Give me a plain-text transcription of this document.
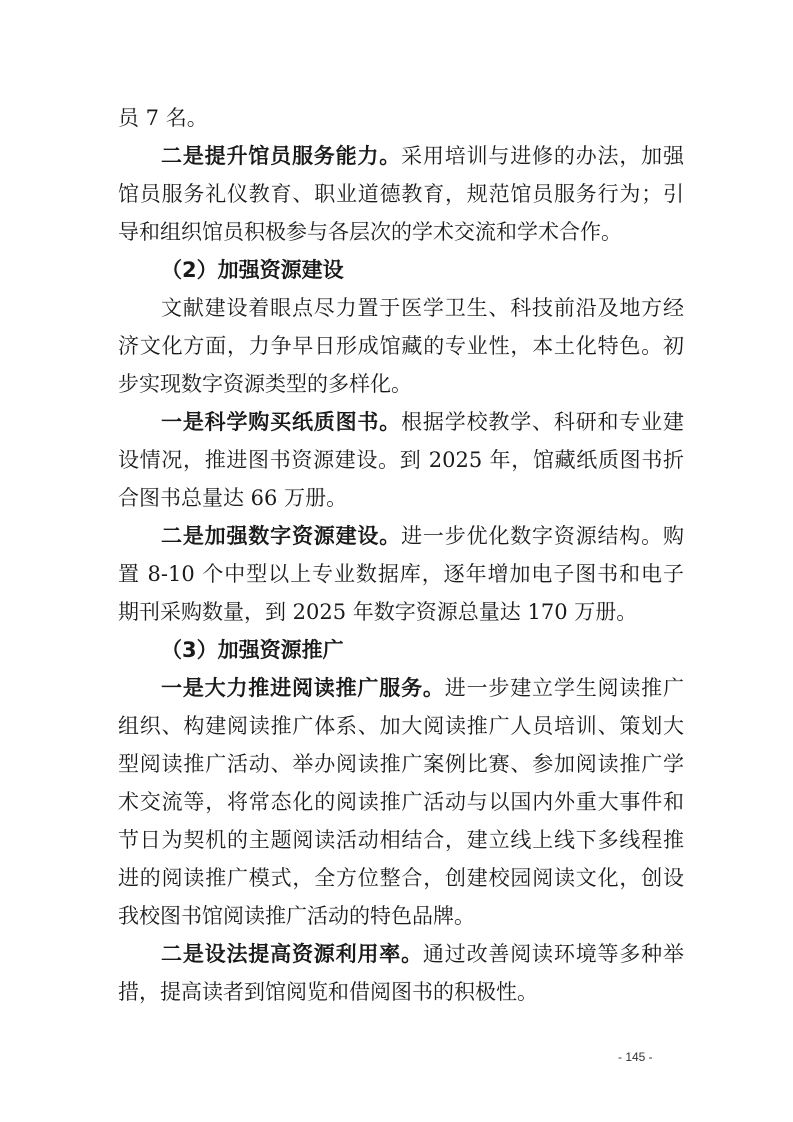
员 7 名。
二是提升馆员服务能力。采用培训与进修的办法，加强
馆员服务礼仪教育、职业道德教育，规范馆员服务行为；引
导和组织馆员积极参与各层次的学术交流和学术合作。
（2）加强资源建设
文献建设着眼点尽力置于医学卫生、科技前沿及地方经
济文化方面，力争早日形成馆藏的专业性，本土化特色。初
步实现数字资源类型的多样化。
一是科学购买纸质图书。根据学校教学、科研和专业建
设情况，推进图书资源建设。到 2025 年，馆藏纸质图书折
合图书总量达 66 万册。
二是加强数字资源建设。进一步优化数字资源结构。购
置 8-10 个中型以上专业数据库，逐年增加电子图书和电子
期刊采购数量，到 2025 年数字资源总量达 170 万册。
（3）加强资源推广
一是大力推进阅读推广服务。进一步建立学生阅读推广
组织、构建阅读推广体系、加大阅读推广人员培训、策划大
型阅读推广活动、举办阅读推广案例比赛、参加阅读推广学
术交流等，将常态化的阅读推广活动与以国内外重大事件和
节日为契机的主题阅读活动相结合，建立线上线下多线程推
进的阅读推广模式，全方位整合，创建校园阅读文化，创设
我校图书馆阅读推广活动的特色品牌。
二是设法提高资源利用率。通过改善阅读环境等多种举
措，提高读者到馆阅览和借阅图书的积极性。
- 145 -
